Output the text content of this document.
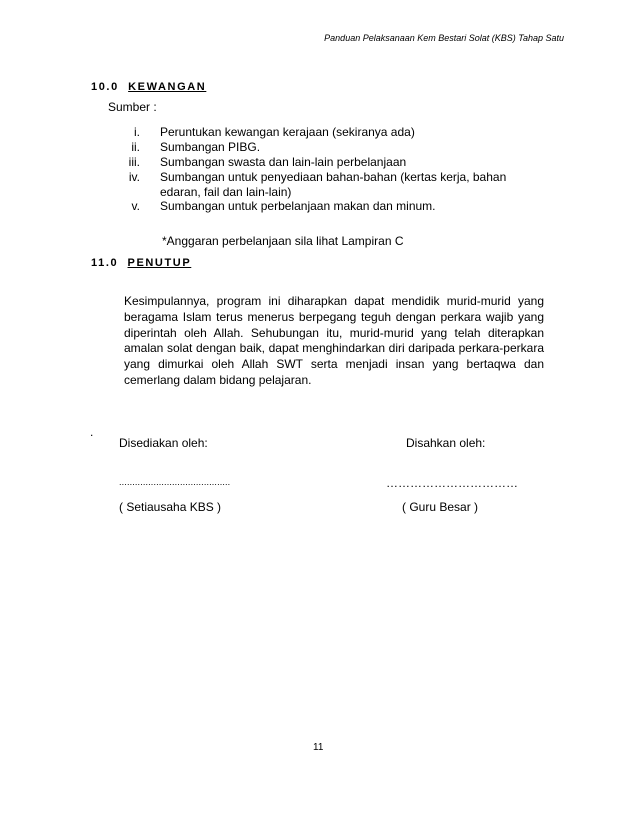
Panduan Pelaksanaan Kem Bestari Solat (KBS) Tahap Satu
10.0 KEWANGAN
Sumber :
i. Peruntukan kewangan kerajaan (sekiranya ada)
ii. Sumbangan PIBG.
iii. Sumbangan swasta dan lain-lain perbelanjaan
iv. Sumbangan untuk penyediaan bahan-bahan (kertas kerja, bahan edaran, fail dan lain-lain)
v. Sumbangan untuk perbelanjaan makan dan minum.
*Anggaran perbelanjaan sila lihat Lampiran C
11.0 PENUTUP
Kesimpulannya, program ini diharapkan dapat mendidik murid-murid yang beragama Islam terus menerus berpegang teguh dengan perkara wajib yang diperintah oleh Allah. Sehubungan itu, murid-murid yang telah diterapkan amalan solat dengan baik, dapat menghindarkan diri daripada perkara-perkara yang dimurkai oleh Allah SWT serta menjadi insan yang bertaqwa dan cemerlang dalam bidang pelajaran.
.
Disediakan oleh:	Disahkan oleh:
..........................................	……………………………
( Setiausaha KBS )	( Guru Besar )
11
